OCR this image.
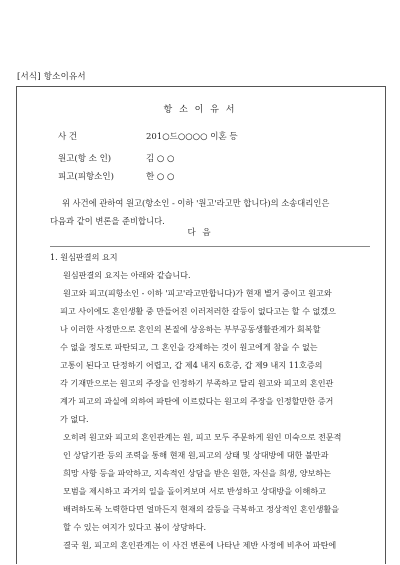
[서식] 항소이유서
항 소 이 유 서
사 건	201○드○○○○ 이혼 등
원고(항 소 인)	김 ○ ○
피고(피항소인)	한 ○ ○
위 사건에 관하여 원고(항소인 - 이하 '원고'라고만 합니다)의 소송대리인은
다음과 같이 변론을 준비합니다.
다 음
1. 원심판결의 요지
원심판결의 요지는 아래와 같습니다.
원고와 피고(피항소인 - 이하 '피고'라고만합니다)가 현재 별거 중이고 원고와
피고 사이에도 혼인생활 중 만들어진 이러저러한 갈등이 없다고는 할 수 없겠으
나 이러한 사정만으로 혼인의 본질에 상응하는 부부공동생활관계가 회복할
수 없을 정도로 파탄되고, 그 혼인을 강제하는 것이 원고에게 참을 수 없는
고통이 된다고 단정하기 어렵고, 갑 제4 내지 6호증, 갑 제9 내지 11호증의
각 기재만으로는 원고의 주장을 인정하기 부족하고 달리 원고와 피고의 혼인관
계가 피고의 과실에 의하여 파탄에 이르렀다는 원고의 주장을 인정할만한 증거
가 없다.
오히려 원고와 피고의 혼인관계는 원, 피고 모두 주문하게 원인 미숙으로 전문적
인 상담기관 등의 조력을 통해 현재 원,피고의 상태 및 상대방에 대한 불만과
희망 사항 등을 파악하고, 지속적인 상담을 받은 원한, 자신을 희생, 양보하는
모범을 제시하고 과거의 일을 돌이켜보며 서로 반성하고 상대방을 이해하고
배려하도록 노력한다면 얼마든지 현재의 갈등을 극복하고 정상적인 혼인생활을
할 수 있는 여지가 있다고 봄이 상당하다.
결국 원, 피고의 혼인관계는 이 사건 변론에 나타난 제반 사정에 비추어 파탄에
